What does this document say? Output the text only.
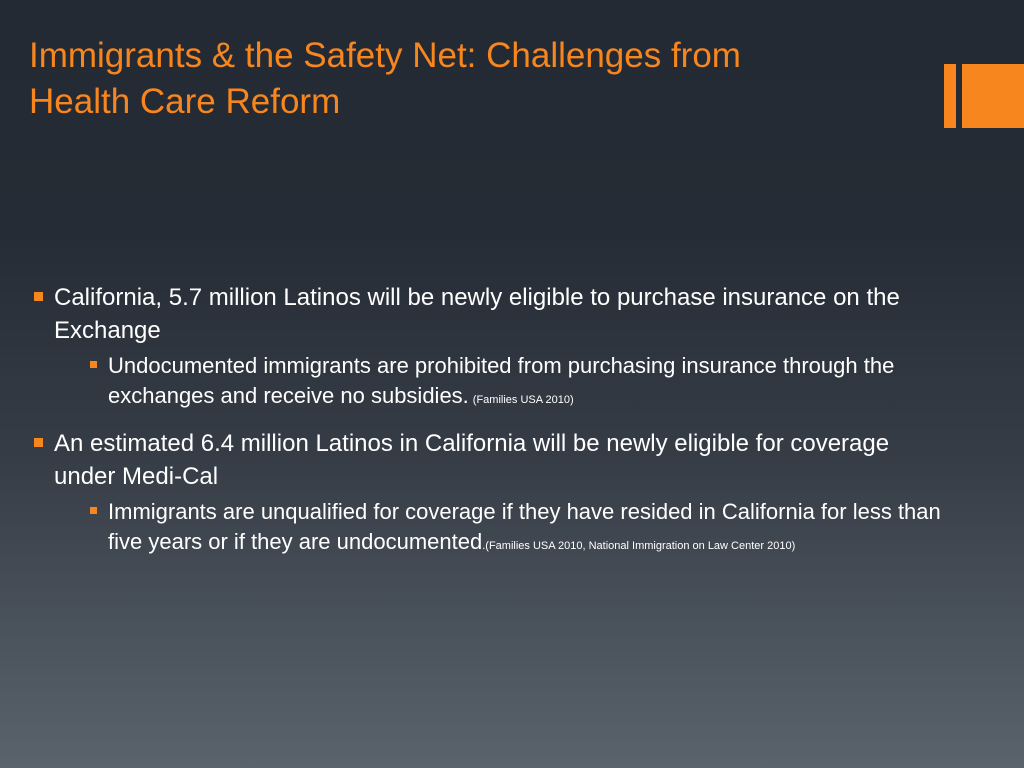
Immigrants & the Safety Net: Challenges from
Health Care Reform
California, 5.7 million Latinos will be newly eligible to purchase insurance on the Exchange
Undocumented immigrants are prohibited from purchasing insurance through the exchanges and receive no subsidies. (Families USA 2010)
An estimated 6.4 million Latinos in California will be newly eligible for coverage under Medi-Cal
Immigrants are unqualified for coverage if they have resided in California for less than five years or if they are undocumented.(Families USA 2010, National Immigration on Law Center 2010)
